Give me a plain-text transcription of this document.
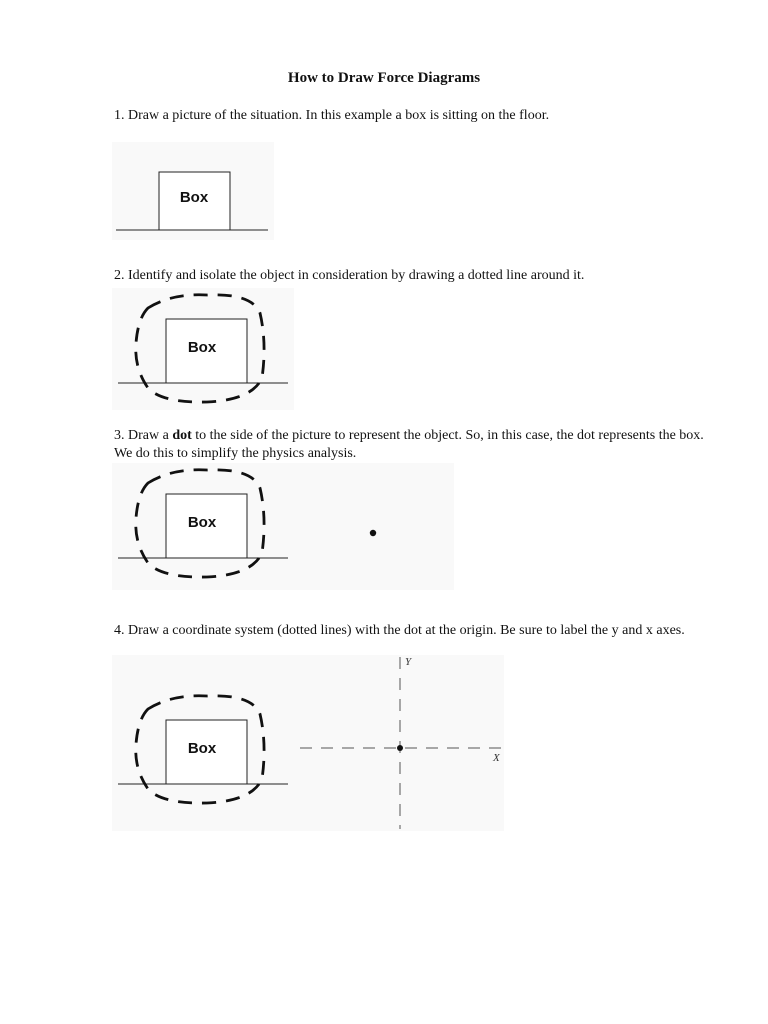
How to Draw Force Diagrams
1. Draw a picture of the situation. In this example a box is sitting on the floor.
Box
2. Identify and isolate the object in consideration by drawing a dotted line around it.
Box
3. Draw a dot to the side of the picture to represent the object. So, in this case, the dot represents the box. We do this to simplify the physics analysis.
Box
4. Draw a coordinate system (dotted lines) with the dot at the origin. Be sure to label the y and x axes.
Box
Y
X
